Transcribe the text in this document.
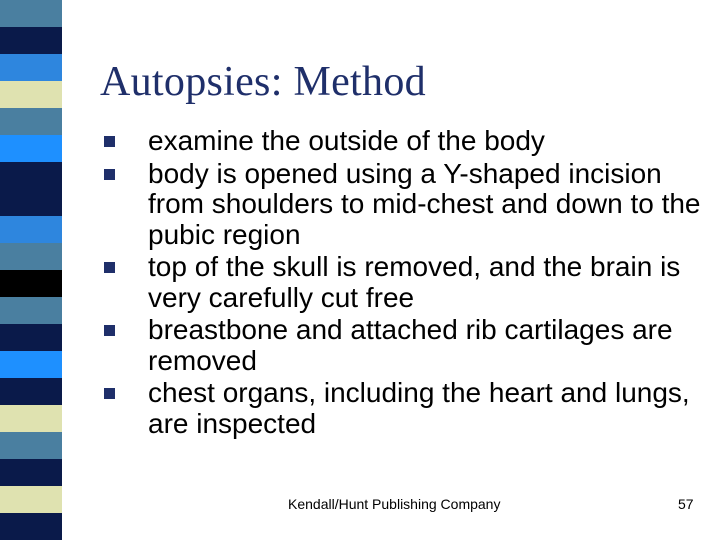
Autopsies: Method
examine the outside of the body
body is opened using a Y-shaped incision from shoulders to mid-chest and down to the pubic region
top of the skull is removed, and the brain is very carefully cut free
breastbone and attached rib cartilages are removed
chest organs, including the heart and lungs, are inspected
Kendall/Hunt Publishing Company	57
